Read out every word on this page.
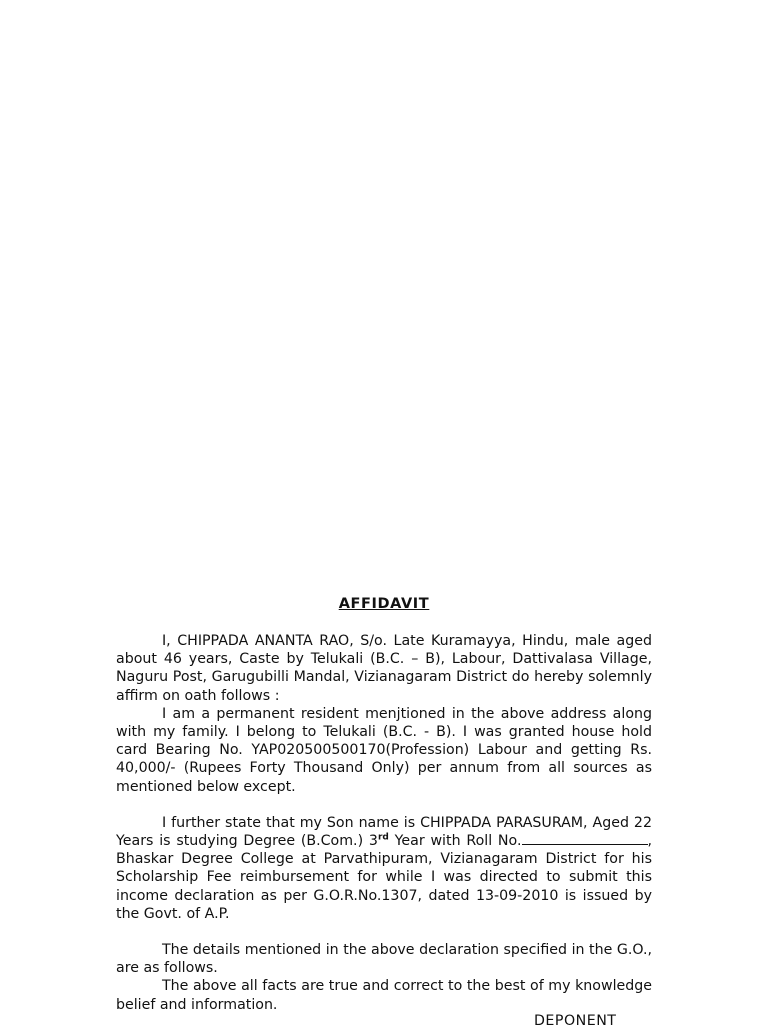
AFFIDAVIT

I, CHIPPADA ANANTA RAO, S/o. Late Kuramayya, Hindu, male aged about 46 years, Caste by Telukali (B.C. – B), Labour, Dattivalasa Village, Naguru Post, Garugubilli Mandal, Vizianagaram District do hereby solemnly affirm on oath follows :

I am a permanent resident menjtioned in the above address along with my family. I belong to Telukali (B.C. - B). I was granted house hold card Bearing No. YAP020500500170(Profession) Labour and getting Rs. 40,000/- (Rupees Forty Thousand Only) per annum from all sources as mentioned below except.

I further state that my Son name is CHIPPADA PARASURAM, Aged 22 Years is studying Degree (B.Com.) 3rd Year with Roll No.	, Bhaskar Degree College at Parvathipuram, Vizianagaram District for his Scholarship Fee reimbursement for while I was directed to submit this income declaration as per G.O.R.No.1307, dated 13-09-2010 is issued by the Govt. of A.P.

The details mentioned in the above declaration specified in the G.O., are as follows.

The above all facts are true and correct to the best of my knowledge belief and information.

DEPONENT
